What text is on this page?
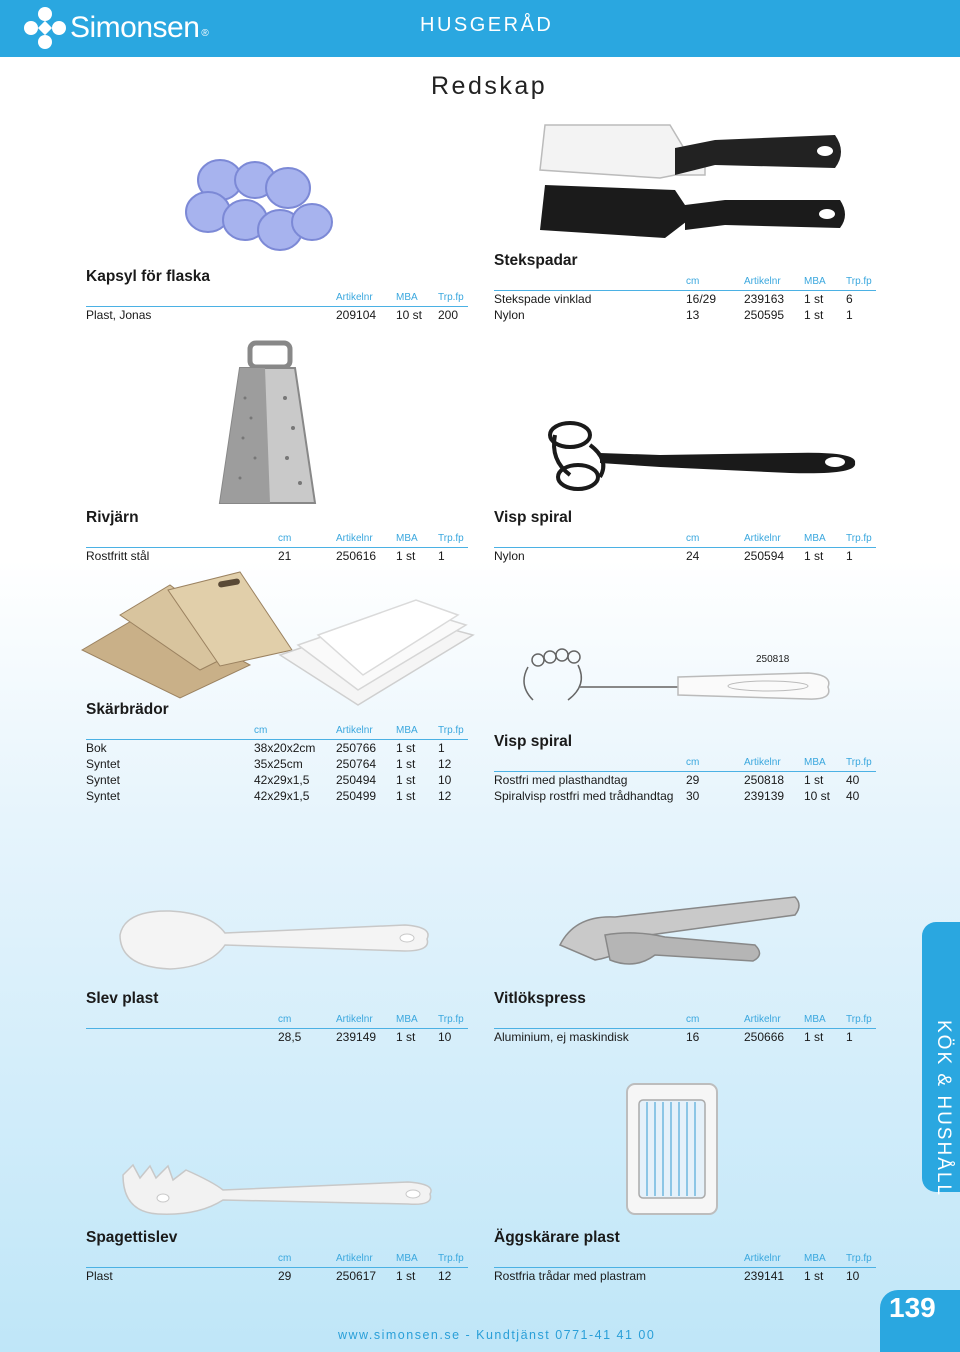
Simonsen ®	HUSGERÅD
Redskap
250818
Kapsyl för flaska
		Artikelnr	MBA	Trp.fp
Plast, Jonas		209104	10 st	200
Stekspadar
	cm	Artikelnr	MBA	Trp.fp
Stekspade vinklad	16/29	239163	1 st	6
Nylon	13	250595	1 st	1
Rivjärn
	cm	Artikelnr	MBA	Trp.fp
Rostfritt stål	21	250616	1 st	1
Visp spiral
	cm	Artikelnr	MBA	Trp.fp
Nylon	24	250594	1 st	1
Skärbrädor
	cm	Artikelnr	MBA	Trp.fp
Bok	38x20x2cm	250766	1 st	1
Syntet	35x25cm	250764	1 st	12
Syntet	42x29x1,5	250494	1 st	10
Syntet	42x29x1,5	250499	1 st	12
Visp spiral
	cm	Artikelnr	MBA	Trp.fp
Rostfri med plasthandtag	29	250818	1 st	40
Spiralvisp rostfri med trådhandtag	30	239139	10 st	40
Slev plast
	cm	Artikelnr	MBA	Trp.fp
	28,5	239149	1 st	10
Vitlökspress
	cm	Artikelnr	MBA	Trp.fp
Aluminium, ej maskindisk	16	250666	1 st	1
Spagettislev
	cm	Artikelnr	MBA	Trp.fp
Plast	29	250617	1 st	12
Äggskärare plast
		Artikelnr	MBA	Trp.fp
Rostfria trådar med plastram		239141	1 st	10
KÖK & HUSHÅLL
139
www.simonsen.se - Kundtjänst 0771-41 41 00
